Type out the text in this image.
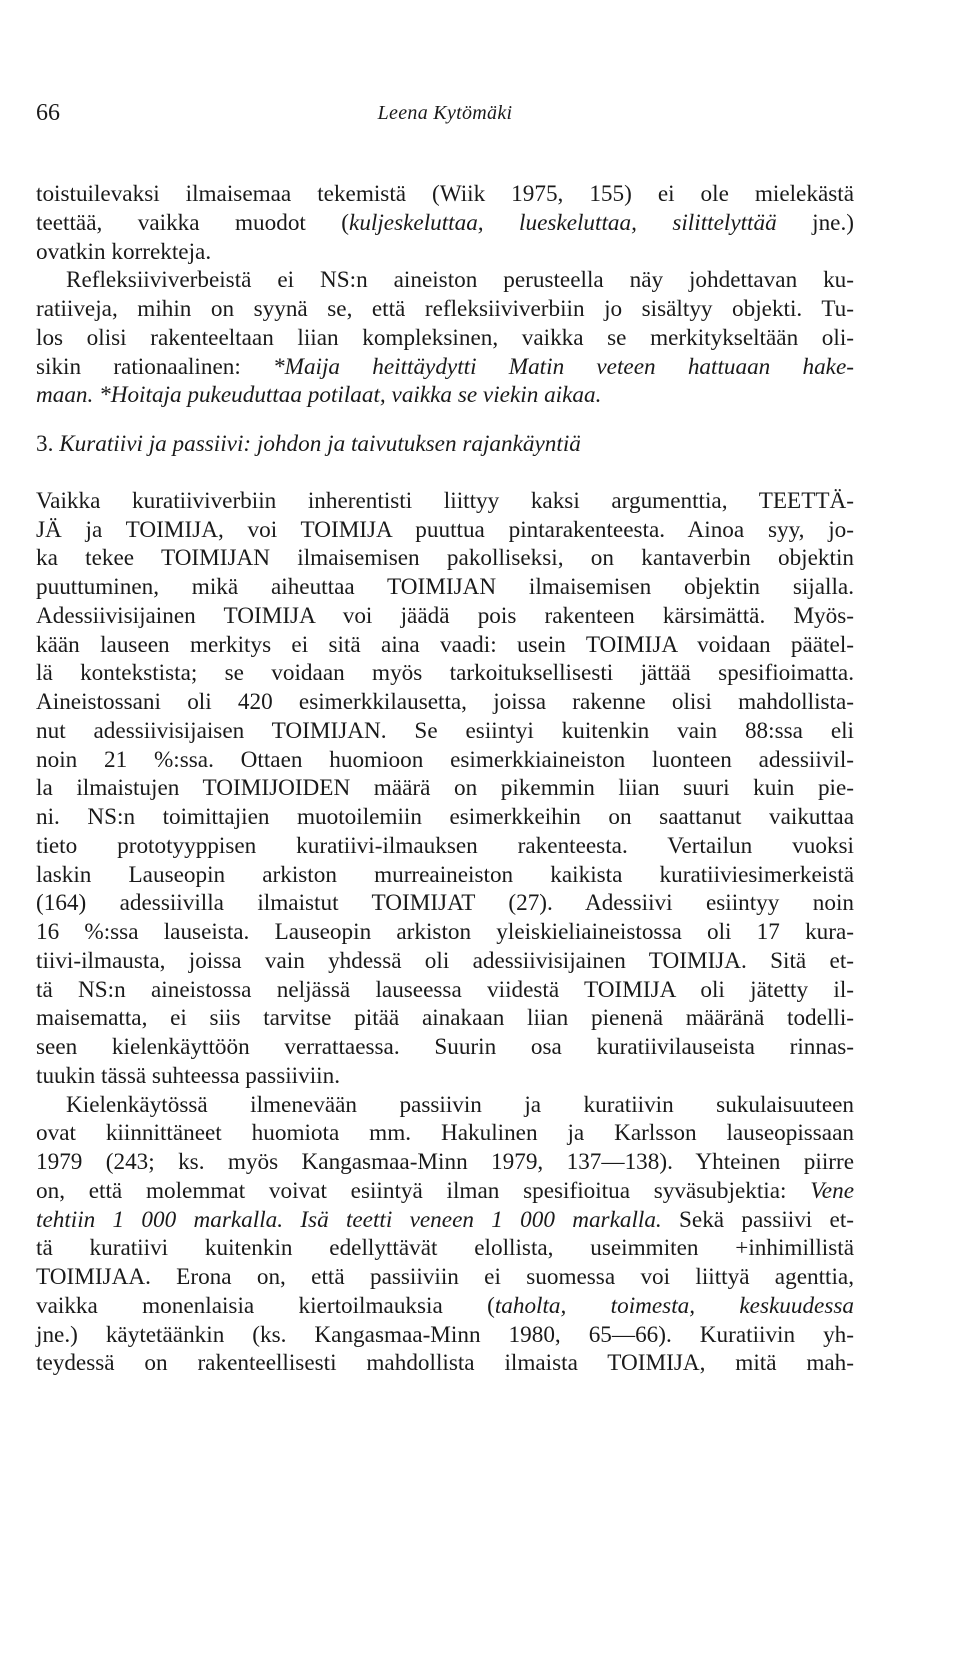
66	Leena Kytömäki
toistuilevaksi ilmaisemaa tekemistä (Wiik 1975, 155) ei ole mielekästä
teettää, vaikka muodot (kuljeskeluttaa, lueskeluttaa, silittelyttää jne.)
ovatkin korrekteja.
Refleksiiviverbeistä ei NS:n aineiston perusteella näy johdettavan ku-
ratiiveja, mihin on syynä se, että refleksiiviverbiin jo sisältyy objekti. Tu-
los olisi rakenteeltaan liian kompleksinen, vaikka se merkitykseltään oli-
sikin rationaalinen: *Maija heittäydytti Matin veteen hattuaan hake-
maan. *Hoitaja pukeuduttaa potilaat, vaikka se viekin aikaa.
3. Kuratiivi ja passiivi: johdon ja taivutuksen rajankäyntiä
Vaikka kuratiiviverbiin inherentisti liittyy kaksi argumenttia, TEETTÄ-
JÄ ja TOIMIJA, voi TOIMIJA puuttua pintarakenteesta. Ainoa syy, jo-
ka tekee TOIMIJAN ilmaisemisen pakolliseksi, on kantaverbin objektin
puuttuminen, mikä aiheuttaa TOIMIJAN ilmaisemisen objektin sijalla.
Adessiivisijainen TOIMIJA voi jäädä pois rakenteen kärsimättä. Myös-
kään lauseen merkitys ei sitä aina vaadi: usein TOIMIJA voidaan päätel-
lä kontekstista; se voidaan myös tarkoituksellisesti jättää spesifioimatta.
Aineistossani oli 420 esimerkkilausetta, joissa rakenne olisi mahdollista-
nut adessiivisijaisen TOIMIJAN. Se esiintyi kuitenkin vain 88:ssa eli
noin 21 %:ssa. Ottaen huomioon esimerkkiaineiston luonteen adessiivil-
la ilmaistujen TOIMIJOIDEN määrä on pikemmin liian suuri kuin pie-
ni. NS:n toimittajien muotoilemiin esimerkkeihin on saattanut vaikuttaa
tieto prototyyppisen kuratiivi-ilmauksen rakenteesta. Vertailun vuoksi
laskin Lauseopin arkiston murreaineiston kaikista kuratiiviesimerkeistä
(164) adessiivilla ilmaistut TOIMIJAT (27). Adessiivi esiintyy noin
16 %:ssa lauseista. Lauseopin arkiston yleiskieliaineistossa oli 17 kura-
tiivi-ilmausta, joissa vain yhdessä oli adessiivisijainen TOIMIJA. Sitä et-
tä NS:n aineistossa neljässä lauseessa viidestä TOIMIJA oli jätetty il-
maisematta, ei siis tarvitse pitää ainakaan liian pienenä määränä todelli-
seen kielenkäyttöön verrattaessa. Suurin osa kuratiivilauseista rinnas-
tuukin tässä suhteessa passiiviin.
Kielenkäytössä ilmenevään passiivin ja kuratiivin sukulaisuuteen
ovat kiinnittäneet huomiota mm. Hakulinen ja Karlsson lauseopissaan
1979 (243; ks. myös Kangasmaa-Minn 1979, 137—138). Yhteinen piirre
on, että molemmat voivat esiintyä ilman spesifioitua syväsubjektia: Vene
tehtiin 1 000 markalla. Isä teetti veneen 1 000 markalla. Sekä passiivi et-
tä kuratiivi kuitenkin edellyttävät elollista, useimmiten +inhimillistä
TOIMIJAA. Erona on, että passiiviin ei suomessa voi liittyä agenttia,
vaikka monenlaisia kiertoilmauksia (taholta, toimesta, keskuudessa
jne.) käytetäänkin (ks. Kangasmaa-Minn 1980, 65—66). Kuratiivin yh-
teydessä on rakenteellisesti mahdollista ilmaista TOIMIJA, mitä mah-
